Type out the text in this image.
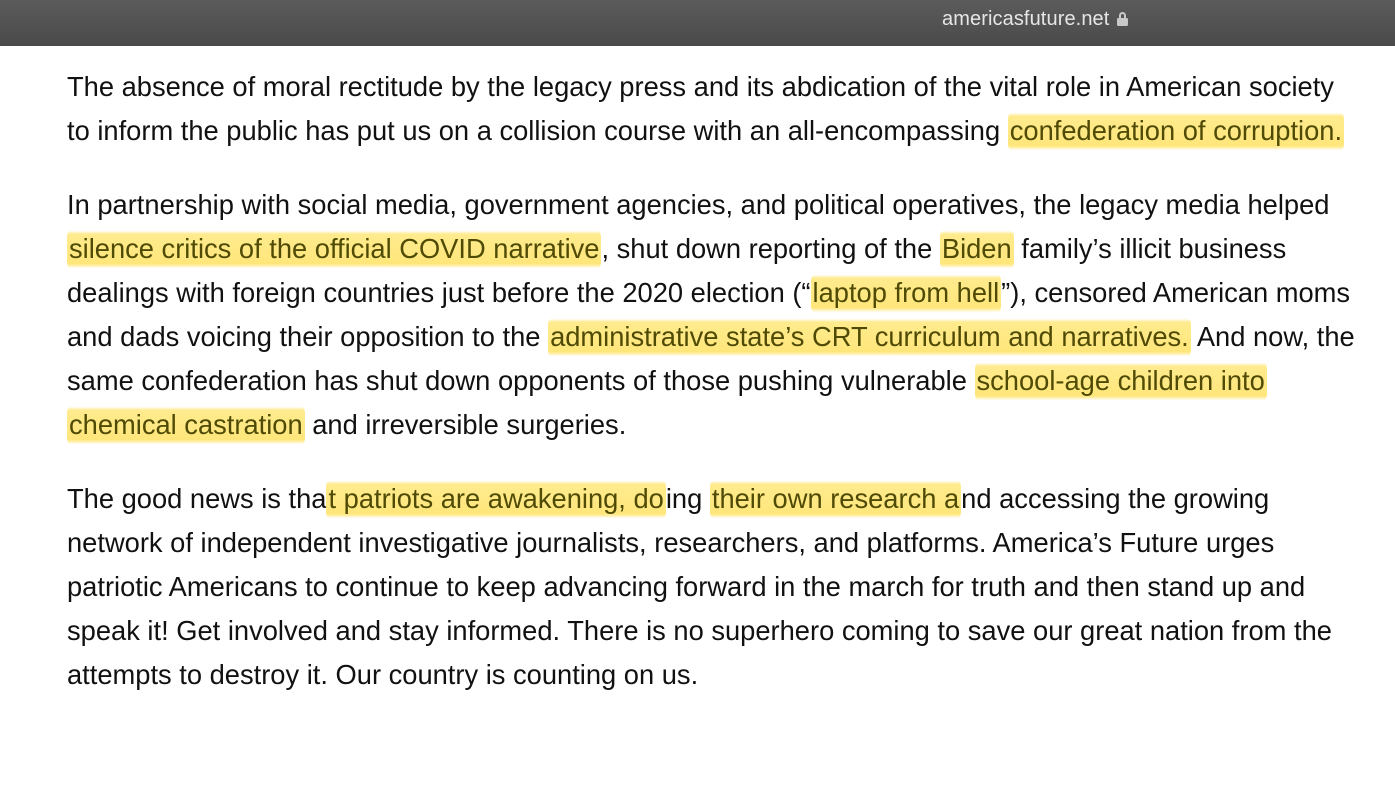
americasfuture.net

The absence of moral rectitude by the legacy press and its abdication of the vital role in American society to inform the public has put us on a collision course with an all-encompassing confederation of corruption.

In partnership with social media, government agencies, and political operatives, the legacy media helped silence critics of the official COVID narrative, shut down reporting of the Biden family’s illicit business dealings with foreign countries just before the 2020 election (“laptop from hell”), censored American moms and dads voicing their opposition to the administrative state’s CRT curriculum and narratives. And now, the same confederation has shut down opponents of those pushing vulnerable school-age children into chemical castration and irreversible surgeries.

The good news is that patriots are awakening, doing their own research and accessing the growing network of independent investigative journalists, researchers, and platforms. America’s Future urges patriotic Americans to continue to keep advancing forward in the march for truth and then stand up and speak it! Get involved and stay informed. There is no superhero coming to save our great nation from the attempts to destroy it. Our country is counting on us.
